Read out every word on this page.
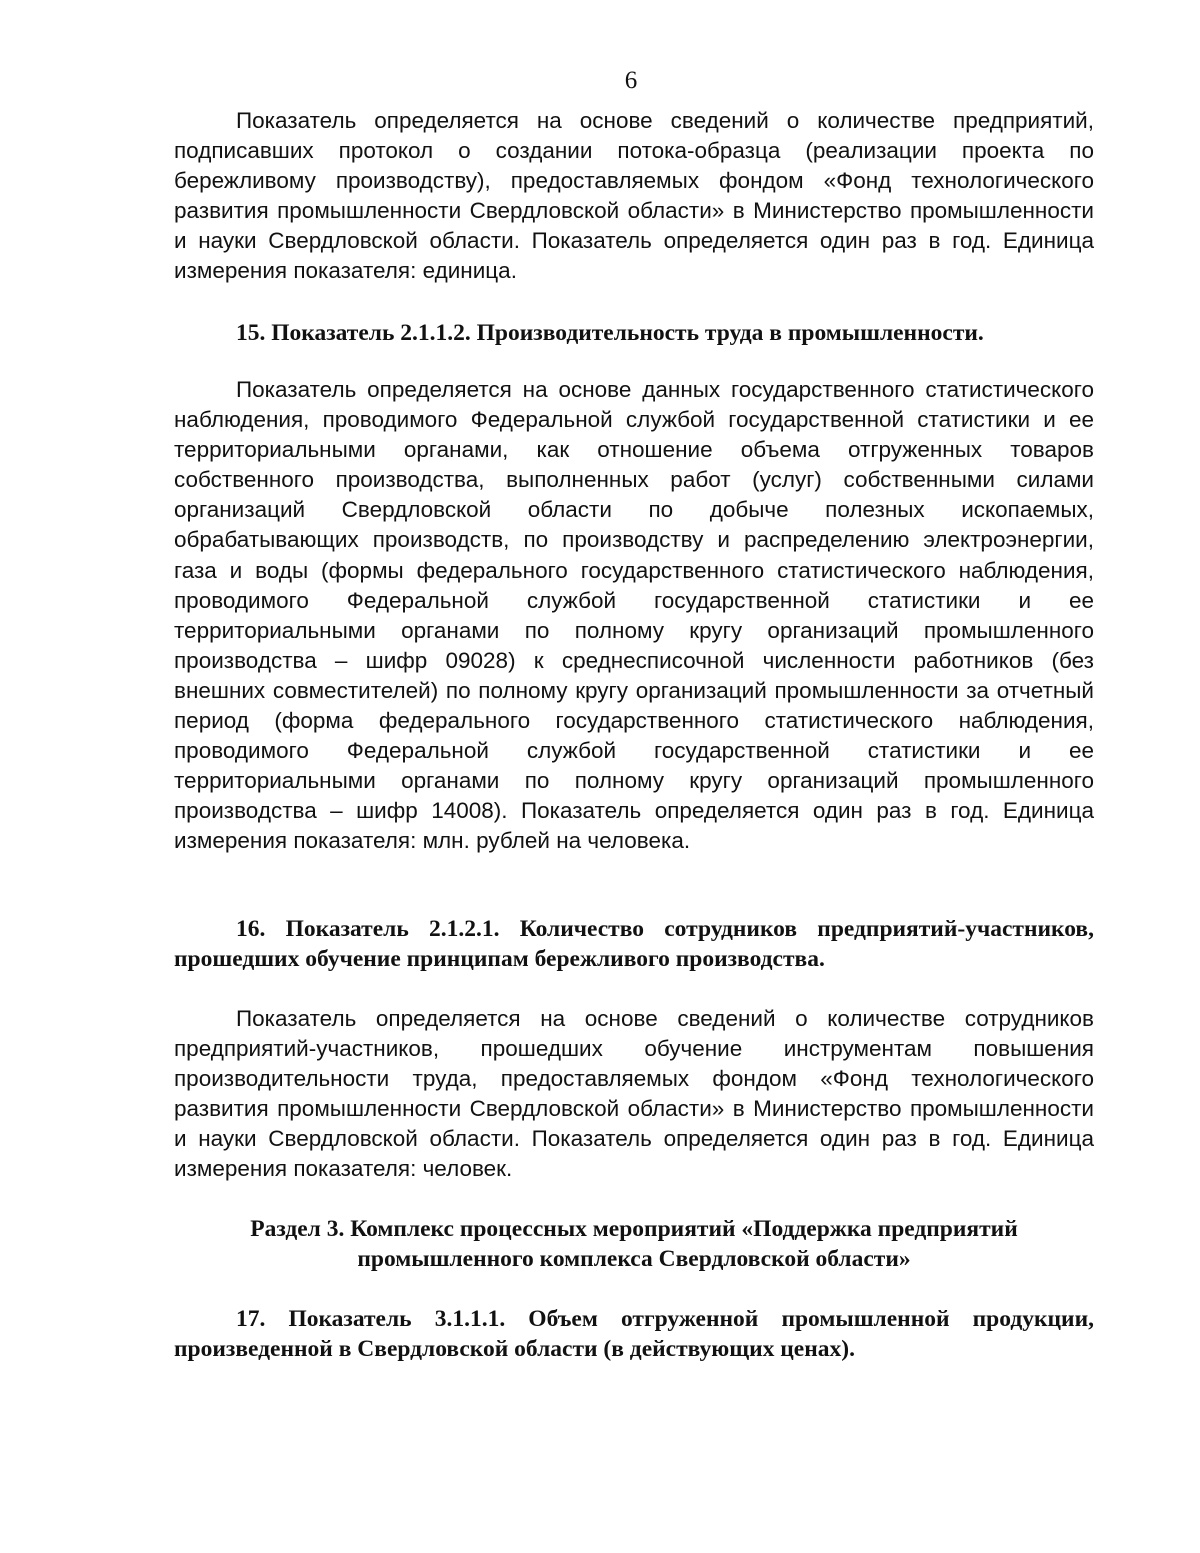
6

Показатель определяется на основе сведений о количестве предприятий, подписавших протокол о создании потока-образца (реализации проекта по бережливому производству), предоставляемых фондом «Фонд технологического развития промышленности Свердловской области» в Министерство промышленности и науки Свердловской области. Показатель определяется один раз в год. Единица измерения показателя: единица.

15. Показатель 2.1.1.2. Производительность труда в промышленности.

Показатель определяется на основе данных государственного статистического наблюдения, проводимого Федеральной службой государственной статистики и ее территориальными органами, как отношение объема отгруженных товаров собственного производства, выполненных работ (услуг) собственными силами организаций Свердловской области по добыче полезных ископаемых, обрабатывающих производств, по производству и распределению электроэнергии, газа и воды (формы федерального государственного статистического наблюдения, проводимого Федеральной службой государственной статистики и ее территориальными органами по полному кругу организаций промышленного производства – шифр 09028) к среднесписочной численности работников (без внешних совместителей) по полному кругу организаций промышленности за отчетный период (форма федерального государственного статистического наблюдения, проводимого Федеральной службой государственной статистики и ее территориальными органами по полному кругу организаций промышленного производства – шифр 14008). Показатель определяется один раз в год. Единица измерения показателя: млн. рублей на человека.

16. Показатель 2.1.2.1. Количество сотрудников предприятий-участников, прошедших обучение принципам бережливого производства.

Показатель определяется на основе сведений о количестве сотрудников предприятий-участников, прошедших обучение инструментам повышения производительности труда, предоставляемых фондом «Фонд технологического развития промышленности Свердловской области» в Министерство промышленности и науки Свердловской области. Показатель определяется один раз в год. Единица измерения показателя: человек.

Раздел 3. Комплекс процессных мероприятий «Поддержка предприятий промышленного комплекса Свердловской области»

17. Показатель 3.1.1.1. Объем отгруженной промышленной продукции, произведенной в Свердловской области (в действующих ценах).
